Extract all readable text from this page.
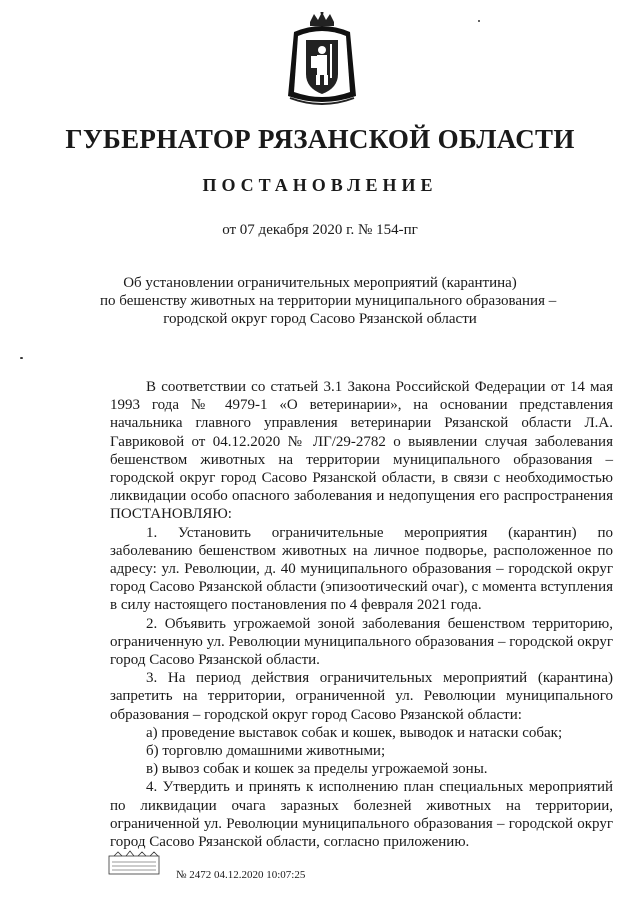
ГУБЕРНАТОР РЯЗАНСКОЙ ОБЛАСТИ
ПОСТАНОВЛЕНИЕ
от 07 декабря 2020 г. № 154-пг
Об установлении ограничительных мероприятий (карантина)
по бешенству животных на территории муниципального образования –
городской округ город Сасово Рязанской области

В соответствии со статьей 3.1 Закона Российской Федерации от 14 мая 1993 года № 4979-1 «О ветеринарии», на основании представления начальника главного управления ветеринарии Рязанской области Л.А. Гавриковой от 04.12.2020 № ЛГ/29-2782 о выявлении случая заболевания бешенством животных на территории муниципального образования – городской округ город Сасово Рязанской области, в связи с необходимостью ликвидации особо опасного заболевания и недопущения его распространения ПОСТАНОВЛЯЮ:

1. Установить ограничительные мероприятия (карантин) по заболеванию бешенством животных на личное подворье, расположенное по адресу: ул. Революции, д. 40 муниципального образования – городской округ город Сасово Рязанской области (эпизоотический очаг), с момента вступления в силу настоящего постановления по 4 февраля 2021 года.

2. Объявить угрожаемой зоной заболевания бешенством территорию, ограниченную ул. Революции муниципального образования – городской округ город Сасово Рязанской области.

3. На период действия ограничительных мероприятий (карантина) запретить на территории, ограниченной ул. Революции муниципального образования – городской округ город Сасово Рязанской области:

а) проведение выставок собак и кошек, выводок и натаски собак;

б) торговлю домашними животными;

в) вывоз собак и кошек за пределы угрожаемой зоны.

4. Утвердить и принять к исполнению план специальных мероприятий по ликвидации очага заразных болезней животных на территории, ограниченной ул. Революции муниципального образования – городской округ город Сасово Рязанской области, согласно приложению.

№ 2472 04.12.2020 10:07:25
